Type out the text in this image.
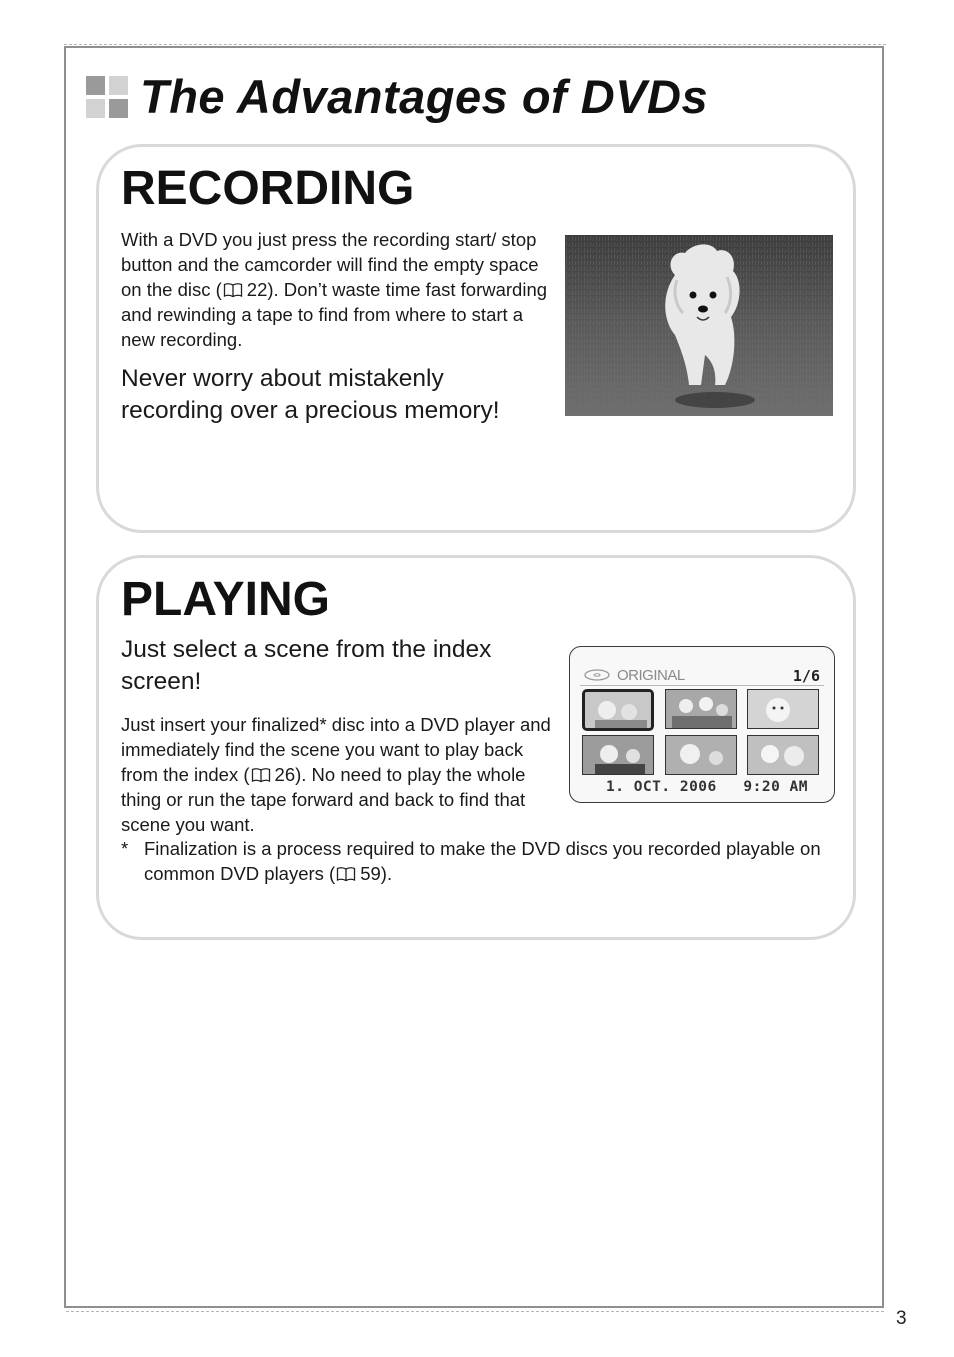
The Advantages of DVDs
RECORDING

With a DVD you just press the recording start/ stop button and the camcorder will find the empty space on the disc ( 22). Don’t waste time fast forwarding and rewinding a tape to find from where to start a new recording.

Never worry about mistakenly recording over a precious memory!

PLAYING

Just select a scene from the index screen!

Just insert your finalized* disc into a DVD player and immediately find the scene you want to play back from the index ( 26). No need to play the whole thing or run the tape forward and back to find that scene you want.

* Finalization is a process required to make the DVD discs you recorded playable on common DVD players ( 59).

ORIGINAL	1/6
1. OCT. 2006 9:20 AM
3
